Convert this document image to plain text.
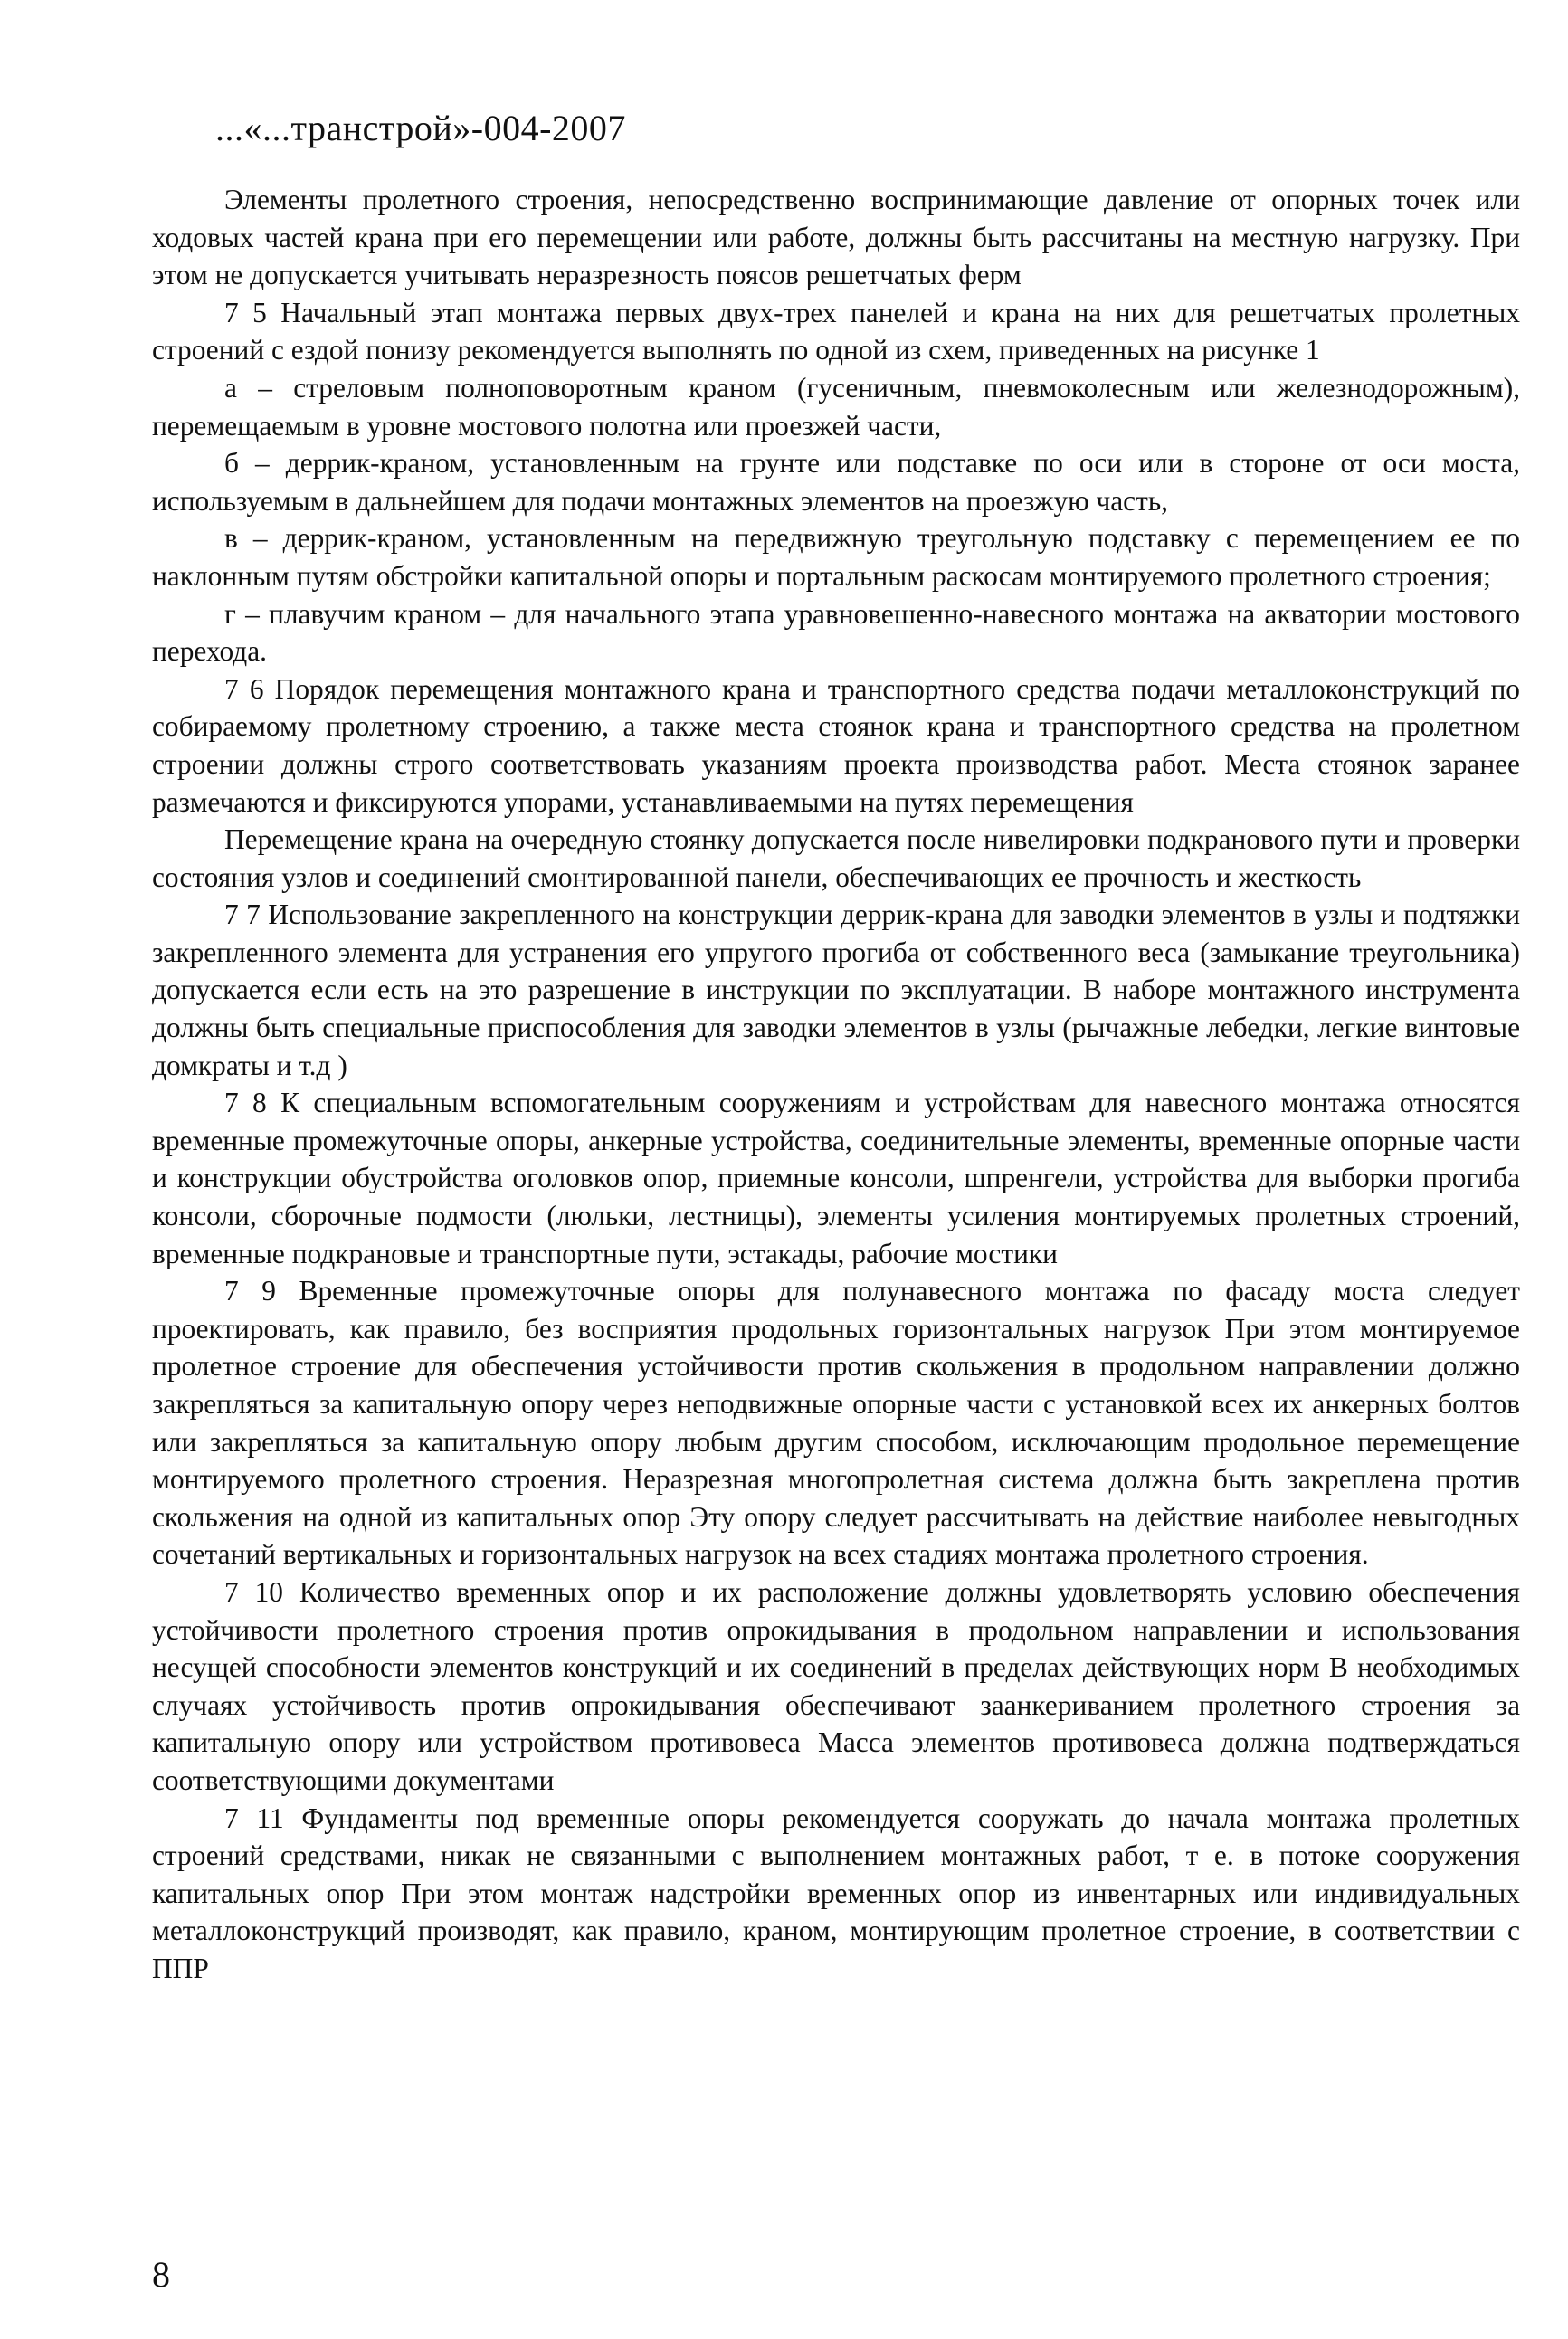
...«...транстрой»-004-2007

Элементы пролетного строения, непосредственно воспринимающие давление от опорных точек или ходовых частей крана при его перемещении или работе, должны быть рассчитаны на местную нагрузку. При этом не допускается учитывать неразрезность поясов решетчатых ферм

7 5 Начальный этап монтажа первых двух-трех панелей и крана на них для решетчатых пролетных строений с ездой понизу рекомендуется выполнять по одной из схем, приведенных на рисунке 1

а – стреловым полноповоротным краном (гусеничным, пневмоколесным или железнодорожным), перемещаемым в уровне мостового полотна или проезжей части,

б – деррик-краном, установленным на грунте или подставке по оси или в стороне от оси моста, используемым в дальнейшем для подачи монтажных элементов на проезжую часть,

в – деррик-краном, установленным на передвижную треугольную подставку с перемещением ее по наклонным путям обстройки капитальной опоры и портальным раскосам монтируемого пролетного строения;

г – плавучим краном – для начального этапа уравновешенно-навесного монтажа на акватории мостового перехода.

7 6 Порядок перемещения монтажного крана и транспортного средства подачи металлоконструкций по собираемому пролетному строению, а также места стоянок крана и транспортного средства на пролетном строении должны строго соответствовать указаниям проекта производства работ. Места стоянок заранее размечаются и фиксируются упорами, устанавливаемыми на путях перемещения

Перемещение крана на очередную стоянку допускается после нивелировки подкранового пути и проверки состояния узлов и соединений смонтированной панели, обеспечивающих ее прочность и жесткость

7 7 Использование закрепленного на конструкции деррик-крана для заводки элементов в узлы и подтяжки закрепленного элемента для устранения его упругого прогиба от собственного веса (замыкание треугольника) допускается если есть на это разрешение в инструкции по эксплуатации. В наборе монтажного инструмента должны быть специальные приспособления для заводки элементов в узлы (рычажные лебедки, легкие винтовые домкраты и т.д )

7 8 К специальным вспомогательным сооружениям и устройствам для навесного монтажа относятся временные промежуточные опоры, анкерные устройства, соединительные элементы, временные опорные части и конструкции обустройства оголовков опор, приемные консоли, шпренгели, устройства для выборки прогиба консоли, сборочные подмости (люльки, лестницы), элементы усиления монтируемых пролетных строений, временные подкрановые и транспортные пути, эстакады, рабочие мостики

7 9 Временные промежуточные опоры для полунавесного монтажа по фасаду моста следует проектировать, как правило, без восприятия продольных горизонтальных нагрузок При этом монтируемое пролетное строение для обеспечения устойчивости против скольжения в продольном направлении должно закрепляться за капитальную опору через неподвижные опорные части с установкой всех их анкерных болтов или закрепляться за капитальную опору любым другим способом, исключающим продольное перемещение монтируемого пролетного строения. Неразрезная многопролетная система должна быть закреплена против скольжения на одной из капитальных опор Эту опору следует рассчитывать на действие наиболее невыгодных сочетаний вертикальных и горизонтальных нагрузок на всех стадиях монтажа пролетного строения.

7 10 Количество временных опор и их расположение должны удовлетворять условию обеспечения устойчивости пролетного строения против опрокидывания в продольном направлении и использования несущей способности элементов конструкций и их соединений в пределах действующих норм В необходимых случаях устойчивость против опрокидывания обеспечивают заанкериванием пролетного строения за капитальную опору или устройством противовеса Масса элементов противовеса должна подтверждаться соответствующими документами

7 11 Фундаменты под временные опоры рекомендуется сооружать до начала монтажа пролетных строений средствами, никак не связанными с выполнением монтажных работ, т е. в потоке сооружения капитальных опор При этом монтаж надстройки временных опор из инвентарных или индивидуальных металлоконструкций производят, как правило, краном, монтирующим пролетное строение, в соответствии с ППР

8
